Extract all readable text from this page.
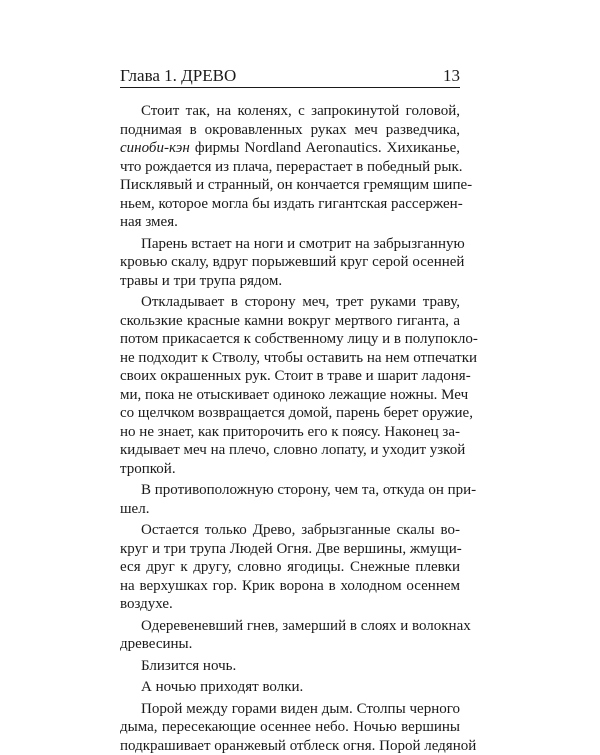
Глава 1. ДРЕВО	13

Стоит так, на коленях, с запрокинутой головой,
поднимая в окровавленных руках меч разведчика,
синоби-кэн фирмы Nordland Aeronautics. Хихиканье,
что рождается из плача, перерастает в победный рык.
Писклявый и странный, он кончается гремящим шипе-
ньем, которое могла бы издать гигантская рассержен-
ная змея.

Парень встает на ноги и смотрит на забрызганную
кровью скалу, вдруг порыжевший круг серой осенней
травы и три трупа рядом.

Откладывает в сторону меч, трет руками траву,
скользкие красные камни вокруг мертвого гиганта, а
потом прикасается к собственному лицу и в полупокло-
не подходит к Стволу, чтобы оставить на нем отпечатки
своих окрашенных рук. Стоит в траве и шарит ладоня-
ми, пока не отыскивает одиноко лежащие ножны. Меч
со щелчком возвращается домой, парень берет оружие,
но не знает, как приторочить его к поясу. Наконец за-
кидывает меч на плечо, словно лопату, и уходит узкой
тропкой.

В противоположную сторону, чем та, откуда он при-
шел.

Остается только Древо, забрызганные скалы во-
круг и три трупа Людей Огня. Две вершины, жмущи-
еся друг к другу, словно ягодицы. Снежные плевки
на верхушках гор. Крик ворона в холодном осеннем
воздухе.

Одеревеневший гнев, замерший в слоях и волокнах
древесины.

Близится ночь.

А ночью приходят волки.

Порой между горами виден дым. Столпы черного
дыма, пересекающие осеннее небо. Ночью вершины
подкрашивает оранжевый отблеск огня. Порой ледяной
